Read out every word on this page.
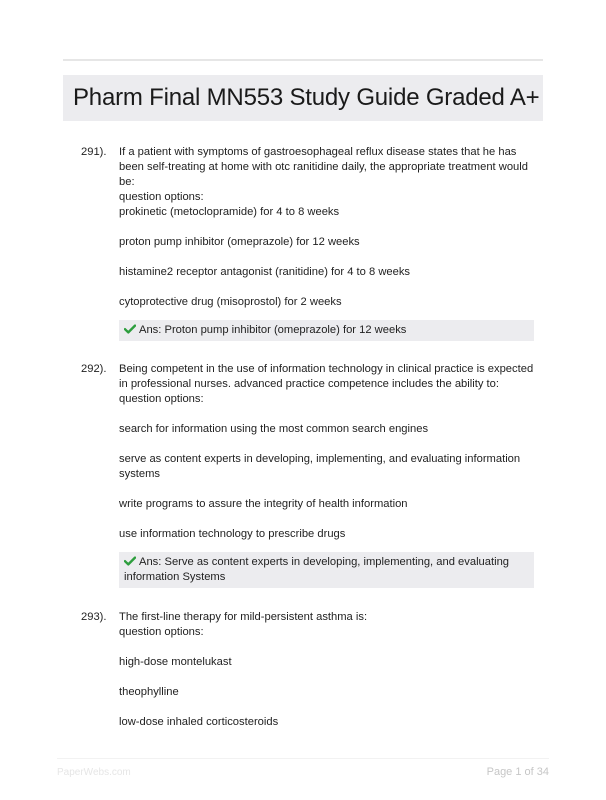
Pharm Final MN553 Study Guide Graded A+
291). If a patient with symptoms of gastroesophageal reflux disease states that he has been self-treating at home with otc ranitidine daily, the appropriate treatment would be:
question options:
prokinetic (metoclopramide) for 4 to 8 weeks
proton pump inhibitor (omeprazole) for 12 weeks
histamine2 receptor antagonist (ranitidine) for 4 to 8 weeks
cytoprotective drug (misoprostol) for 2 weeks
Ans: Proton pump inhibitor (omeprazole) for 12 weeks
292). Being competent in the use of information technology in clinical practice is expected in professional nurses. advanced practice competence includes the ability to:
question options:
search for information using the most common search engines
serve as content experts in developing, implementing, and evaluating information systems
write programs to assure the integrity of health information
use information technology to prescribe drugs
Ans: Serve as content experts in developing, implementing, and evaluating information Systems
293). The first-line therapy for mild-persistent asthma is:
question options:
high-dose montelukast
theophylline
low-dose inhaled corticosteroids
PaperWebs.com	Page 1 of 34
